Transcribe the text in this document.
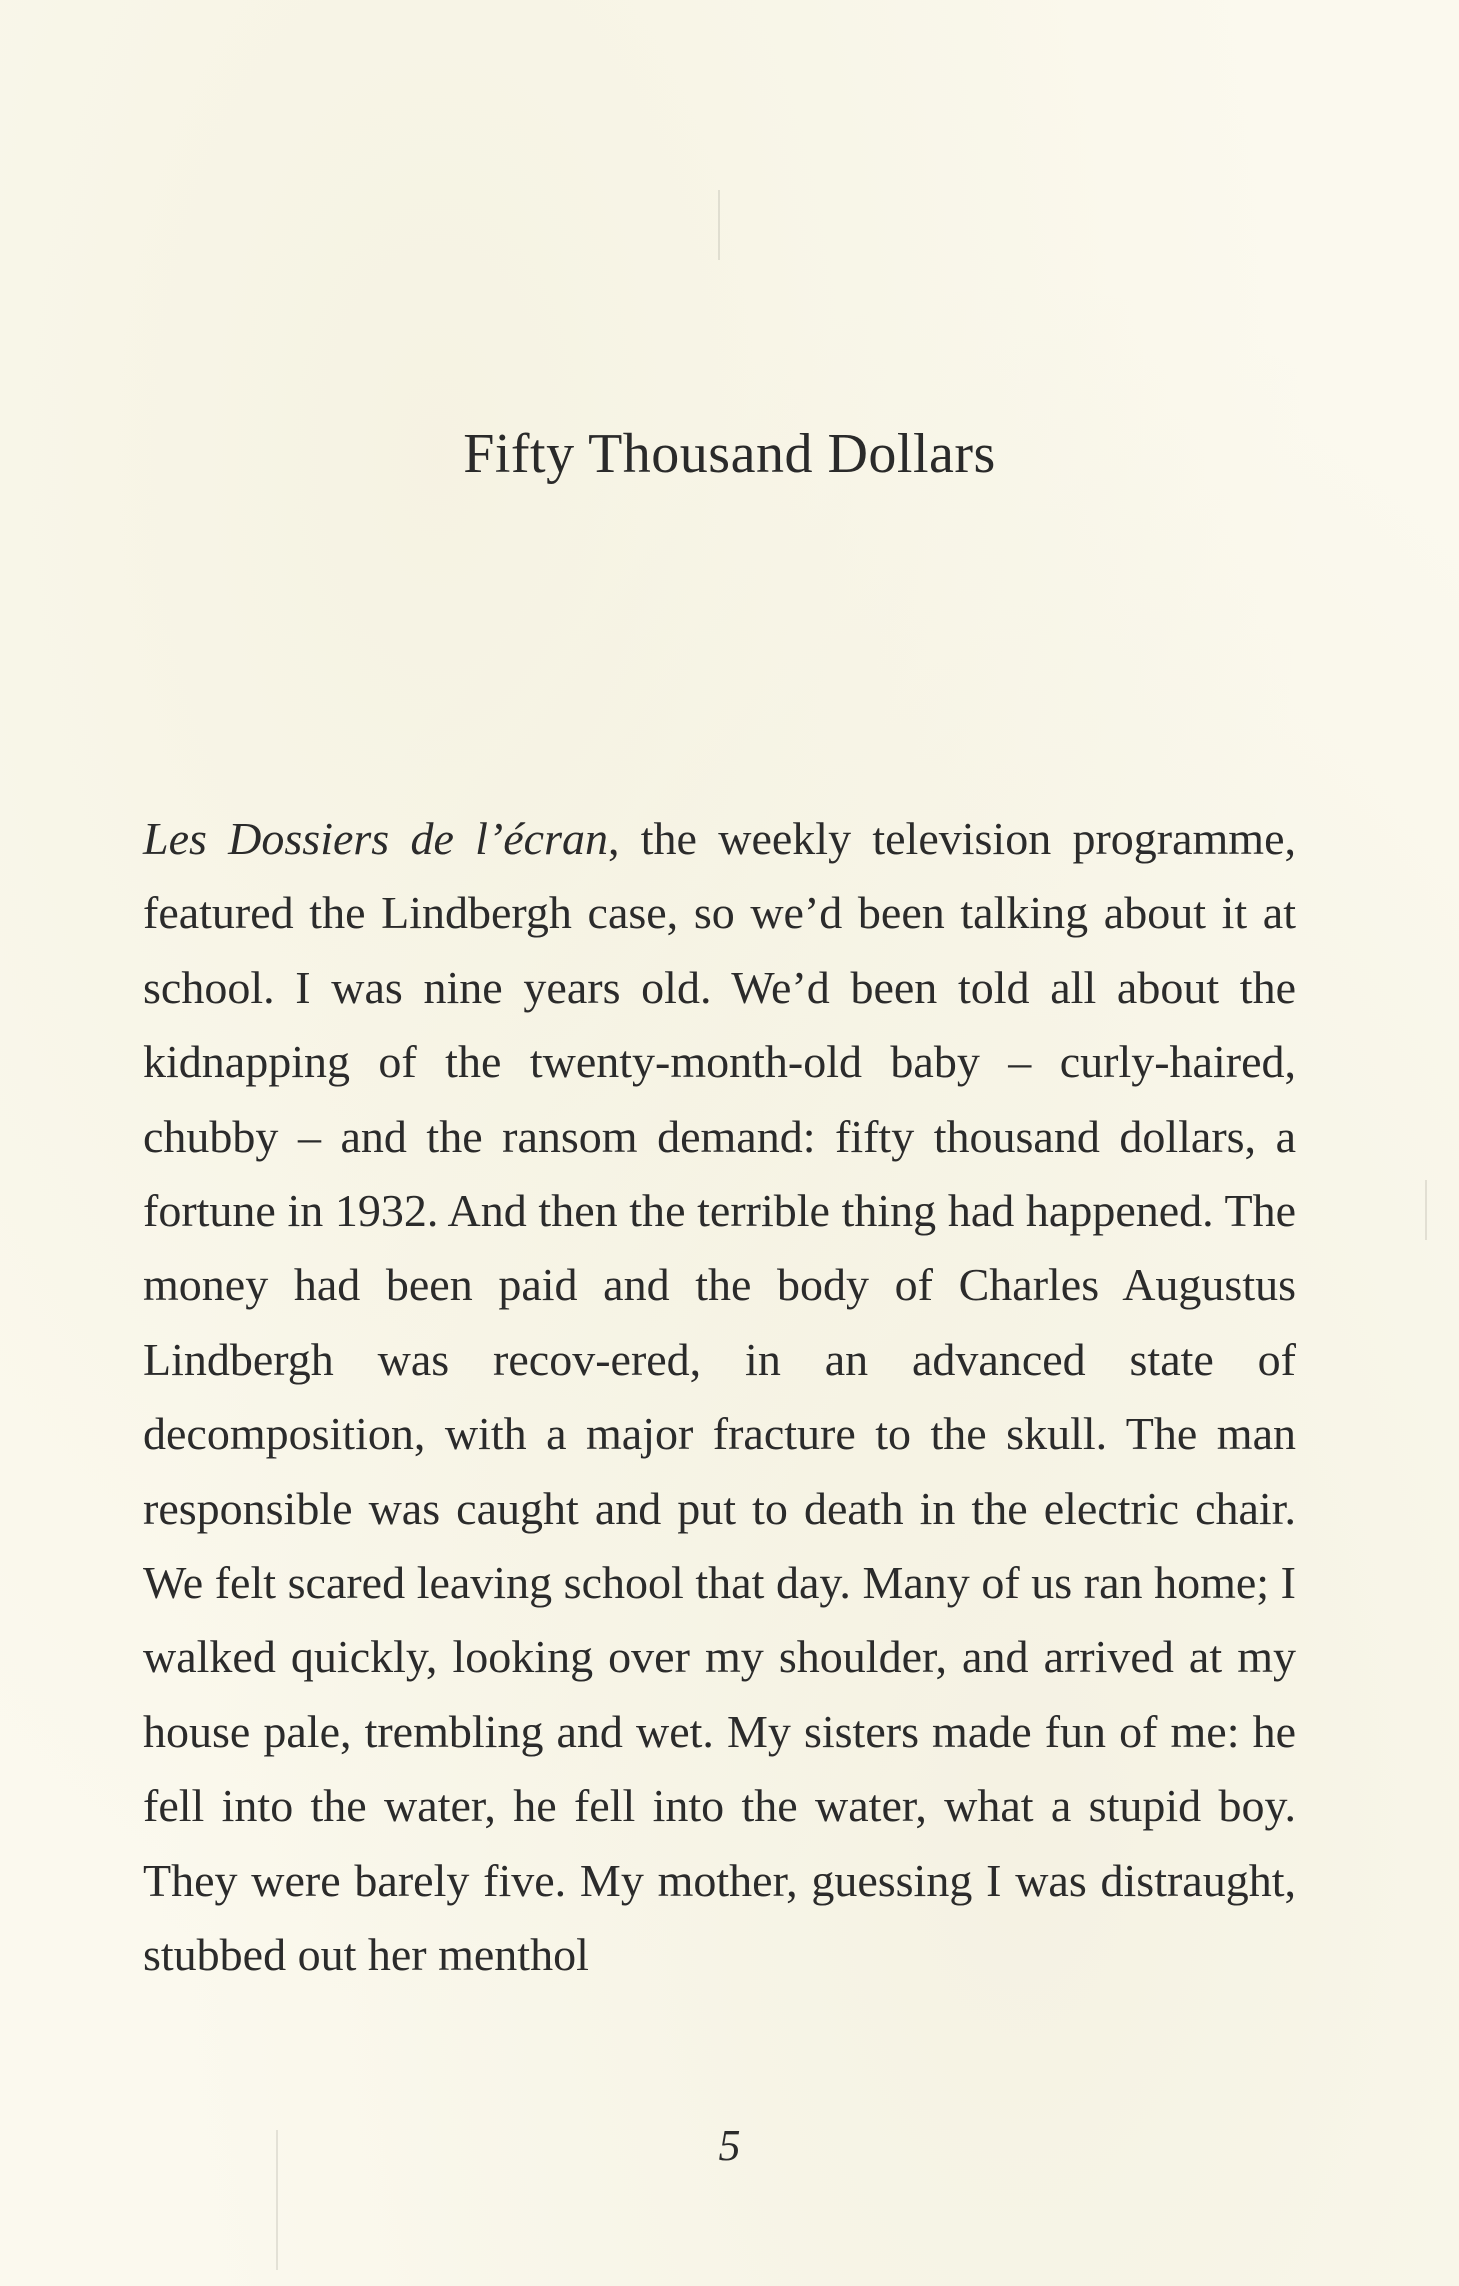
Fifty Thousand Dollars

Les Dossiers de l’écran, the weekly television programme, featured the Lindbergh case, so we’d been talking about it at school. I was nine years old. We’d been told all about the kidnapping of the twenty-month-old baby – curly-haired, chubby – and the ransom demand: fifty thousand dollars, a fortune in 1932. And then the terrible thing had happened. The money had been paid and the body of Charles Augustus Lindbergh was recov-ered, in an advanced state of decomposition, with a major fracture to the skull. The man responsible was caught and put to death in the electric chair. We felt scared leaving school that day. Many of us ran home; I walked quickly, looking over my shoulder, and arrived at my house pale, trembling and wet. My sisters made fun of me: he fell into the water, he fell into the water, what a stupid boy. They were barely five. My mother, guessing I was distraught, stubbed out her menthol

5
